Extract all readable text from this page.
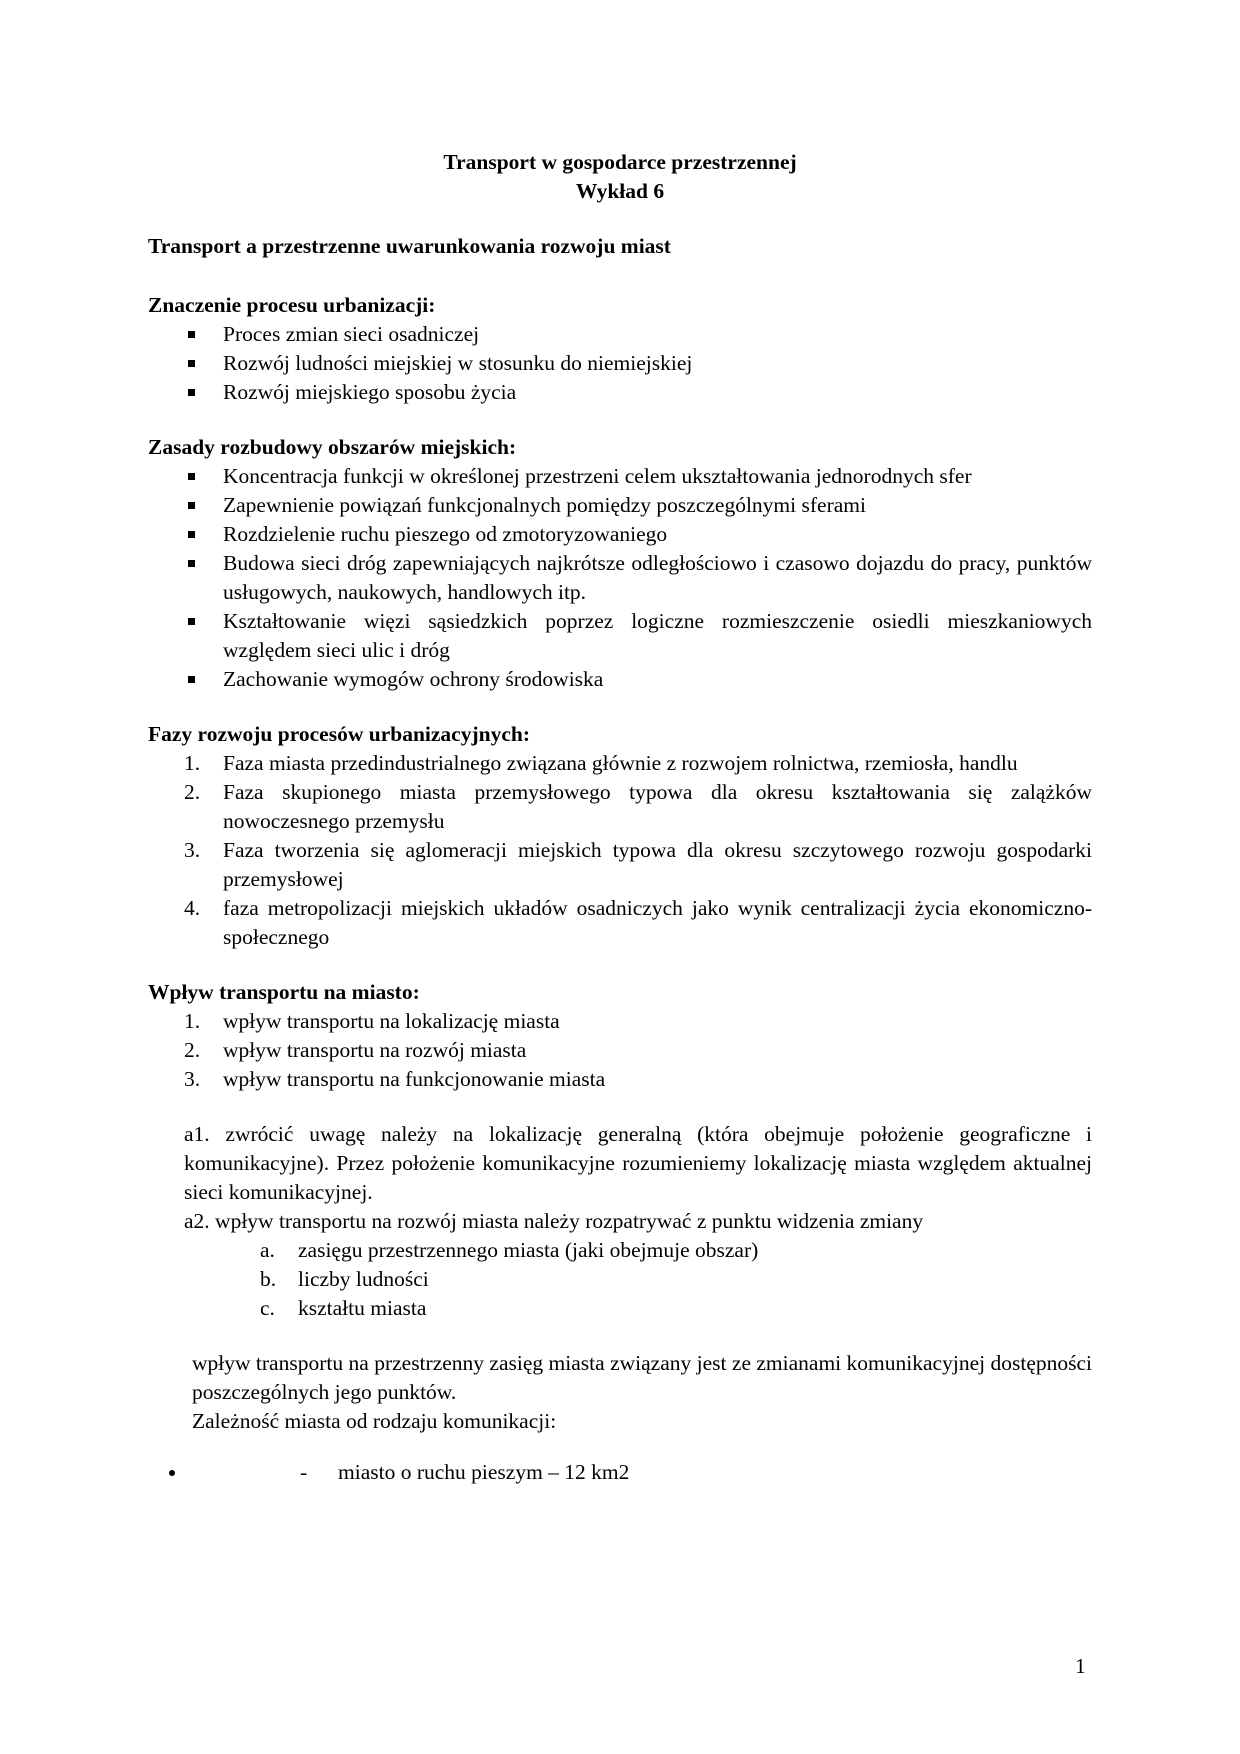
Transport w gospodarce przestrzennej

Wykład 6

Transport a przestrzenne uwarunkowania rozwoju miast

Znaczenie procesu urbanizacji:

Proces zmian sieci osadniczej
Rozwój ludności miejskiej w stosunku do niemiejskiej
Rozwój miejskiego sposobu życia

Zasady rozbudowy obszarów miejskich:

Koncentracja funkcji w określonej przestrzeni celem ukształtowania jednorodnych sfer
Zapewnienie powiązań funkcjonalnych pomiędzy poszczególnymi sferami
Rozdzielenie ruchu pieszego od zmotoryzowaniego
Budowa sieci dróg zapewniających najkrótsze odległościowo i czasowo dojazdu do pracy, punktów usługowych, naukowych, handlowych itp.
Kształtowanie więzi sąsiedzkich poprzez logiczne rozmieszczenie osiedli mieszkaniowych względem sieci ulic i dróg
Zachowanie wymogów ochrony środowiska

Fazy rozwoju procesów urbanizacyjnych:

1. Faza miasta przedindustrialnego związana głównie z rozwojem rolnictwa, rzemiosła, handlu
2. Faza skupionego miasta przemysłowego typowa dla okresu kształtowania się zalążków nowoczesnego przemysłu
3. Faza tworzenia się aglomeracji miejskich typowa dla okresu szczytowego rozwoju gospodarki przemysłowej
4. faza metropolizacji miejskich układów osadniczych jako wynik centralizacji życia ekonomiczno-społecznego

Wpływ transportu na miasto:

1. wpływ transportu na lokalizację miasta
2. wpływ transportu na rozwój miasta
3. wpływ transportu na funkcjonowanie miasta

a1. zwrócić uwagę należy na lokalizację generalną (która obejmuje położenie geograficzne i komunikacyjne). Przez położenie komunikacyjne rozumieniemy lokalizację miasta względem aktualnej sieci komunikacyjnej.

a2. wpływ transportu na rozwój miasta należy rozpatrywać z punktu widzenia zmiany

a. zasięgu przestrzennego miasta (jaki obejmuje obszar)
b. liczby ludności
c. kształtu miasta

wpływ transportu na przestrzenny zasięg miasta związany jest ze zmianami komunikacyjnej dostępności poszczególnych jego punktów.

Zależność miasta od rodzaju komunikacji:

• - miasto o ruchu pieszym – 12 km2
1
